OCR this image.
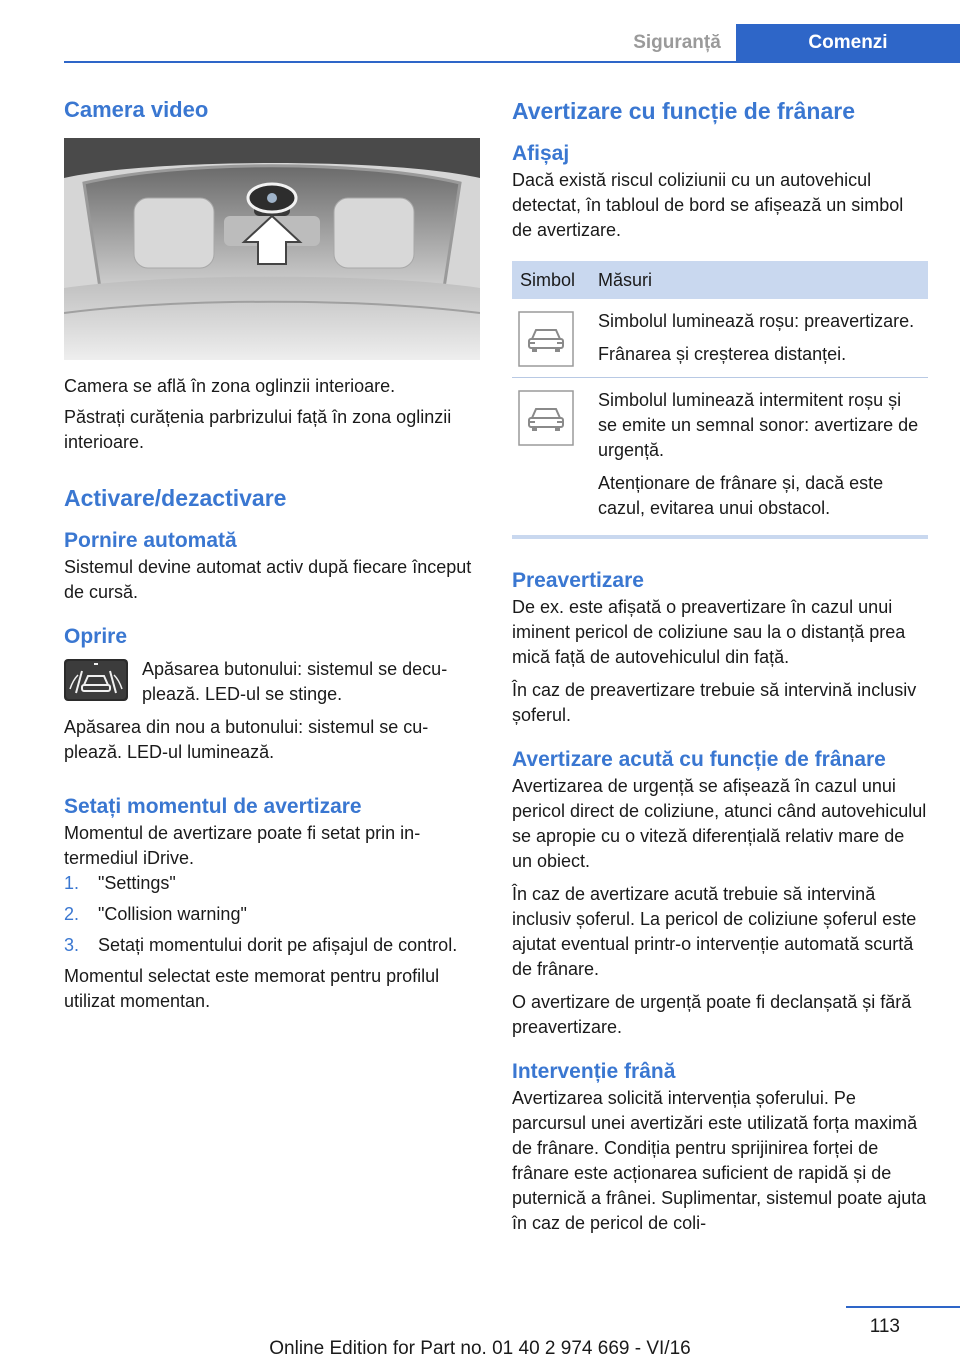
Siguranță	Comenzi
Camera video

Camera se află în zona oglinzii interioare.

Păstrați curățenia parbrizului față în zona oglinzii interioare.

Activare/dezactivare
Pornire automată

Sistemul devine automat activ după fiecare început de cursă.

Oprire

Apăsarea butonului: sistemul se decuplează. LED-ul se stinge.

Apăsarea din nou a butonului: sistemul se cuplează. LED-ul luminează.

Setați momentul de avertizare

Momentul de avertizare poate fi setat prin intermediul iDrive.

1.	"Settings"
2.	"Collision warning"
3.	Setați momentului dorit pe afișajul de control.

Momentul selectat este memorat pentru profilul utilizat momentan.

Avertizare cu funcție de frânare
Afișaj

Dacă există riscul coliziunii cu un autovehicul detectat, în tabloul de bord se afișează un simbol de avertizare.

Simbol	Măsuri

Simbolul luminează roșu: preavertizare.

Frânarea și creșterea distanței.

Simbolul luminează intermitent roșu și se emite un semnal sonor: avertizare de urgență.

Atenționare de frânare și, dacă este cazul, evitarea unui obstacol.

Preavertizare

De ex. este afișată o preavertizare în cazul unui iminent pericol de coliziune sau la o distanță prea mică față de autovehiculul din față.

În caz de preavertizare trebuie să intervină inclusiv șoferul.

Avertizare acută cu funcție de frânare

Avertizarea de urgență se afișează în cazul unui pericol direct de coliziune, atunci când autovehiculul se apropie cu o viteză diferențială relativ mare de un obiect.

În caz de avertizare acută trebuie să intervină inclusiv șoferul. La pericol de coliziune șoferul este ajutat eventual printr-o intervenție automată scurtă de frânare.

O avertizare de urgență poate fi declanșată și fără preavertizare.

Intervenție frână

Avertizarea solicită intervenția șoferului. Pe parcursul unei avertizări este utilizată forța maximă de frânare. Condiția pentru sprijinirea forței de frânare este acționarea suficient de rapidă și de puternică a frânei. Suplimentar, sistemul poate ajuta în caz de pericol de coli-

113
Online Edition for Part no. 01 40 2 974 669 - VI/16
